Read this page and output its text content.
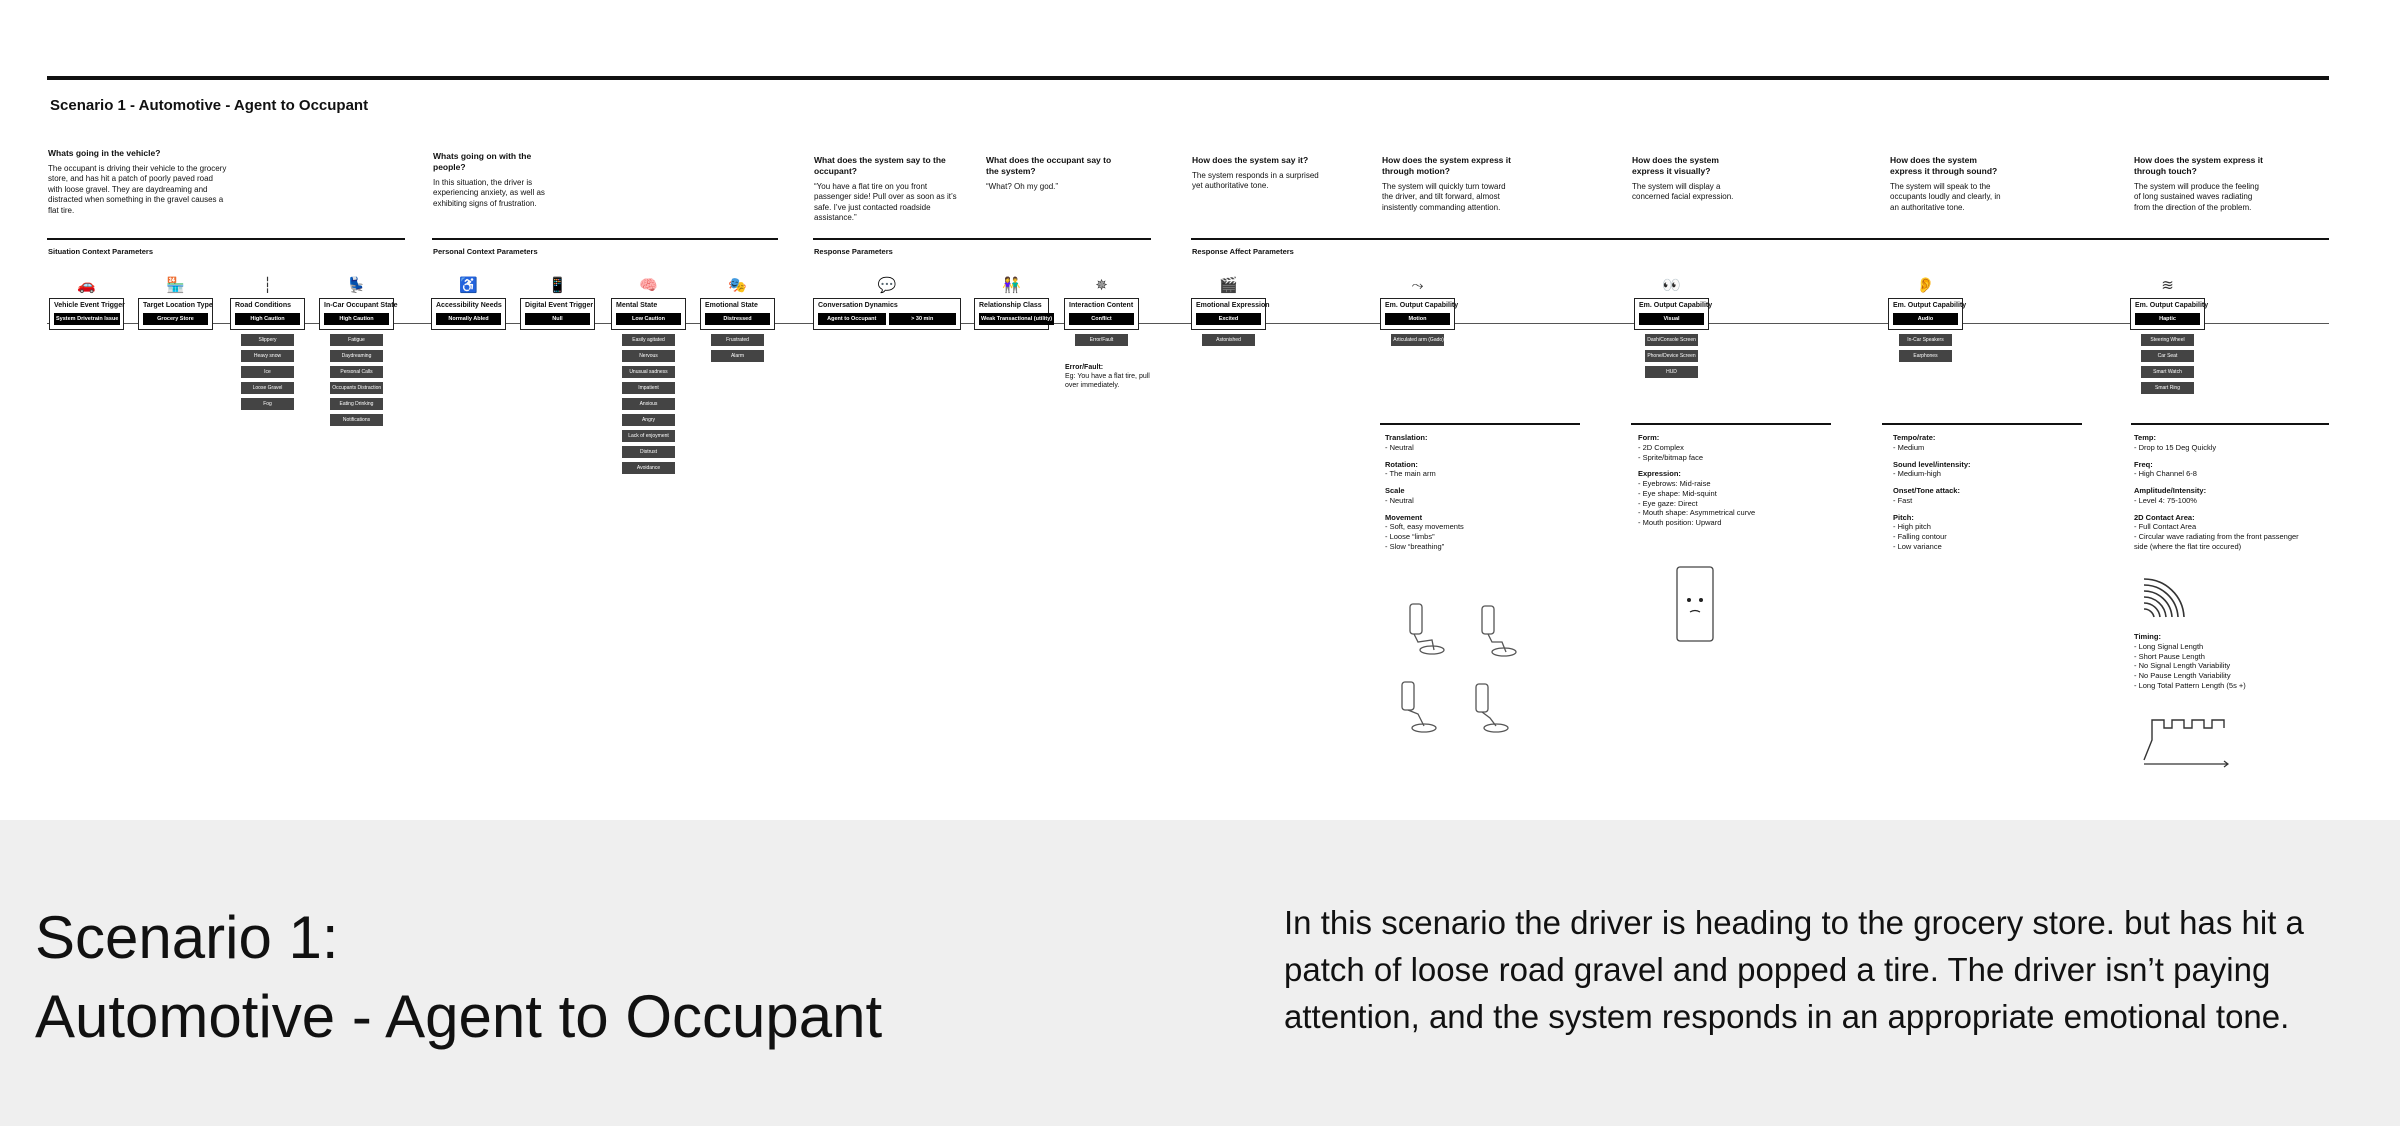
Scenario 1 - Automotive - Agent to Occupant
Whats going in the vehicle?
The occupant is driving their vehicle to the grocery store, and has hit a patch of poorly paved road with loose gravel. They are daydreaming and distracted when something in the gravel causes a flat tire.
Whats going on with the people?
In this situation, the driver is experiencing anxiety, as well as exhibiting signs of frustration.
What does the system say to the occupant?
“You have a flat tire on you front passenger side! Pull over as soon as it’s safe. I’ve just contacted roadside assistance.”
What does the occupant say to the system?
“What? Oh my god.”
How does the system say it?
The system responds in a surprised yet authoritative tone.
How does the system express it through motion?
The system will quickly turn toward the driver, and tilt forward, almost insistently commanding attention.
How does the system express it visually?
The system will display a concerned facial expression.
How does the system express it through sound?
The system will speak to the occupants loudly and clearly, in an authoritative tone.
How does the system express it through touch?
The system will produce the feeling of long sustained waves radiating from the direction of the problem.
Situation Context Parameters	Personal Context Parameters	Response Parameters	Response Affect Parameters
🚗
Vehicle Event Trigger
System Drivetrain Issue
🏪
Target Location Type
Grocery Store
┆
Road Conditions
High Caution
Slippery
Heavy snow
Ice
Loose Gravel
Fog
💺
In-Car Occupant State
High Caution
Fatigue
Daydreaming
Personal Calls
Occupants Distraction
Eating Drinking
Notifications
♿
Accessibility Needs
Normally Abled
📱
Digital Event Trigger
Null
🧠
Mental State
Low Caution
Easily agitated
Nervous
Unusual sadness
Impatient
Anxious
Angry
Lack of enjoyment
Distrust
Avoidance
🎭
Emotional State
Distressed
Frustrated
Alarm
💬
Conversation Dynamics
Agent to Occupant	> 30 min
👫
Relationship Class
Weak Transactional (utility)
✵
Interaction Content
Conflict
Error/Fault
🎬
Emotional Expression
Excited
Astonished
⤳
Em. Output Capability
Motion
Articulated arm (Gado)
👀
Em. Output Capability
Visual
Dash/Console Screen
Phone/Device Screen
HUD
👂
Em. Output Capability
Audio
In-Car Speakers
Earphones
≋
Em. Output Capability
Haptic
Steering Wheel
Car Seat
Smart Watch
Smart Ring
Error/Fault:
Eg: You have a flat tire, pull over immediately.
Translation:
- Neutral
Rotation:
- The main arm
Scale
- Neutral
Movement
- Soft, easy movements
- Loose “limbs”
- Slow “breathing”
Form:
- 2D Complex
- Sprite/bitmap face
Expression:
- Eyebrows: Mid-raise
- Eye shape: Mid-squint
- Eye gaze: Direct
- Mouth shape: Asymmetrical curve
- Mouth position: Upward
Tempo/rate:
- Medium
Sound level/intensity:
- Medium-high
Onset/Tone attack:
- Fast
Pitch:
- High pitch
- Falling contour
- Low variance
Temp:
- Drop to 15 Deg Quickly
Freq:
- High Channel 6-8
Amplitude/Intensity:
- Level 4: 75-100%
2D Contact Area:
- Full Contact Area
- Circular wave radiating from the front passenger side (where the flat tire occured)
Timing:
- Long Signal Length
- Short Pause Length
- No Signal Length Variability
- No Pause Length Variability
- Long Total Pattern Length (5s +)
Scenario 1:
Automotive - Agent to Occupant
In this scenario the driver is heading to the grocery store. but has hit a patch of loose road gravel and popped a tire. The driver isn’t paying attention, and the system responds in an appropriate emotional tone.
